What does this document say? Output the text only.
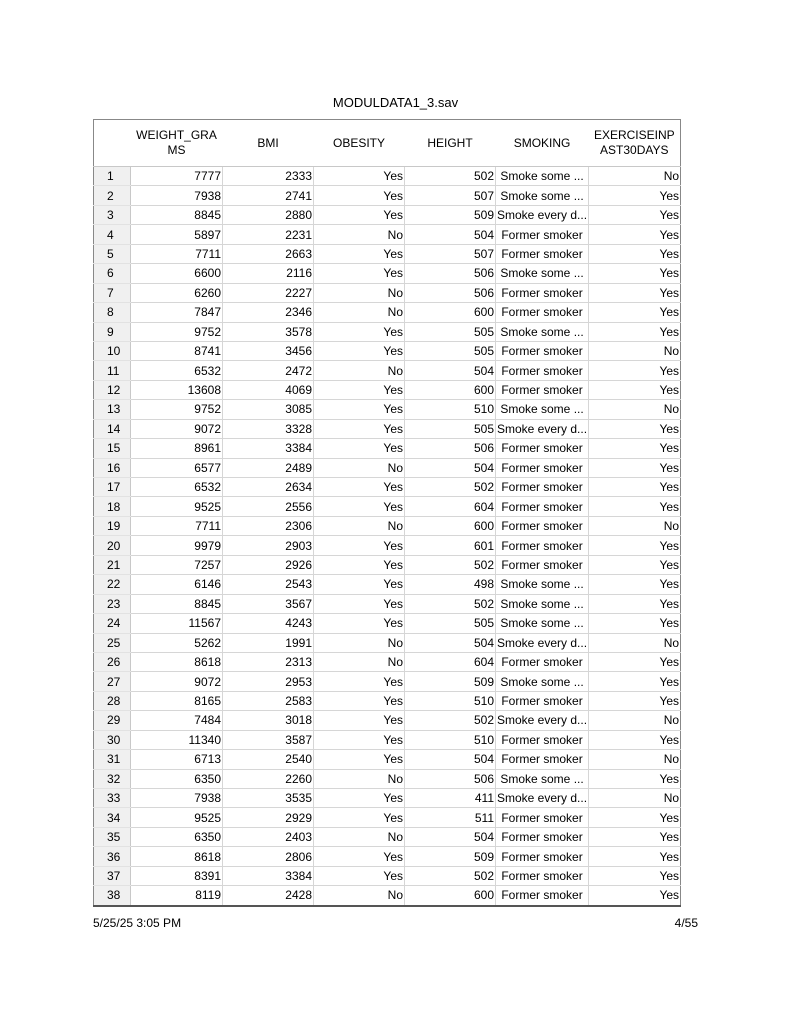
MODULDATA1_3.sav
	WEIGHT_GRAMS	BMI	OBESITY	HEIGHT	SMOKING	EXERCISEINPAST30DAYS
1	7777	2333	Yes	502	Smoke some ...	No
2	7938	2741	Yes	507	Smoke some ...	Yes
3	8845	2880	Yes	509	Smoke every d...	Yes
4	5897	2231	No	504	Former smoker	Yes
5	7711	2663	Yes	507	Former smoker	Yes
6	6600	2116	Yes	506	Smoke some ...	Yes
7	6260	2227	No	506	Former smoker	Yes
8	7847	2346	No	600	Former smoker	Yes
9	9752	3578	Yes	505	Smoke some ...	Yes
10	8741	3456	Yes	505	Former smoker	No
11	6532	2472	No	504	Former smoker	Yes
12	13608	4069	Yes	600	Former smoker	Yes
13	9752	3085	Yes	510	Smoke some ...	No
14	9072	3328	Yes	505	Smoke every d...	Yes
15	8961	3384	Yes	506	Former smoker	Yes
16	6577	2489	No	504	Former smoker	Yes
17	6532	2634	Yes	502	Former smoker	Yes
18	9525	2556	Yes	604	Former smoker	Yes
19	7711	2306	No	600	Former smoker	No
20	9979	2903	Yes	601	Former smoker	Yes
21	7257	2926	Yes	502	Former smoker	Yes
22	6146	2543	Yes	498	Smoke some ...	Yes
23	8845	3567	Yes	502	Smoke some ...	Yes
24	11567	4243	Yes	505	Smoke some ...	Yes
25	5262	1991	No	504	Smoke every d...	No
26	8618	2313	No	604	Former smoker	Yes
27	9072	2953	Yes	509	Smoke some ...	Yes
28	8165	2583	Yes	510	Former smoker	Yes
29	7484	3018	Yes	502	Smoke every d...	No
30	11340	3587	Yes	510	Former smoker	Yes
31	6713	2540	Yes	504	Former smoker	No
32	6350	2260	No	506	Smoke some ...	Yes
33	7938	3535	Yes	411	Smoke every d...	No
34	9525	2929	Yes	511	Former smoker	Yes
35	6350	2403	No	504	Former smoker	Yes
36	8618	2806	Yes	509	Former smoker	Yes
37	8391	3384	Yes	502	Former smoker	Yes
38	8119	2428	No	600	Former smoker	Yes
5/25/25 3:05 PM	4/55
